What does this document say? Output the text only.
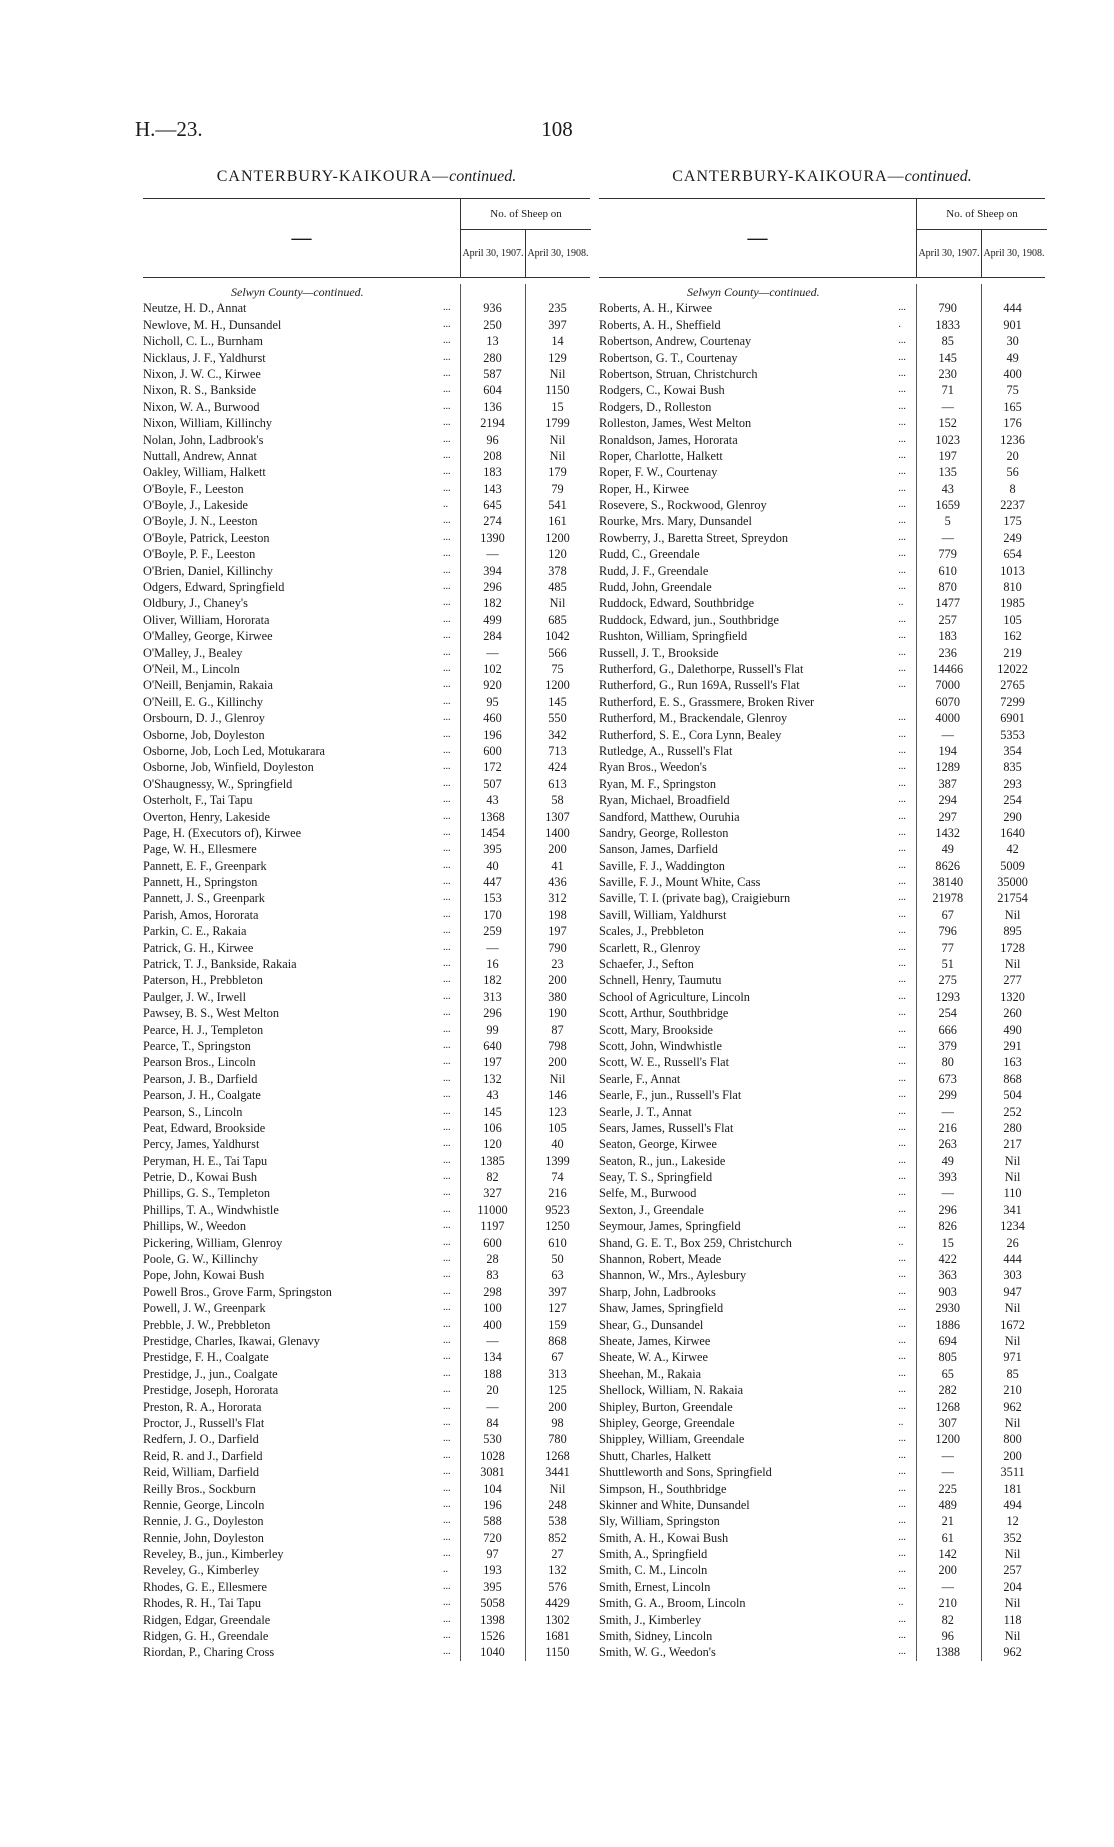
H.—23.	108
CANTERBURY-KAIKOURA—continued.
—
No. of Sheep on
April 30, 1907. April 30, 1908.
Selwyn County—continued.
Neutze, H. D., Annat	...	936	235
Newlove, M. H., Dunsandel	...	250	397
Nicholl, C. L., Burnham	...	13	14
Nicklaus, J. F., Yaldhurst	...	280	129
Nixon, J. W. C., Kirwee	...	587	Nil
Nixon, R. S., Bankside	...	604	1150
Nixon, W. A., Burwood	...	136	15
Nixon, William, Killinchy	...	2194	1799
Nolan, John, Ladbrook's	...	96	Nil
Nuttall, Andrew, Annat	...	208	Nil
Oakley, William, Halkett	...	183	179
O'Boyle, F., Leeston	...	143	79
O'Boyle, J., Lakeside	..	645	541
O'Boyle, J. N., Leeston	...	274	161
O'Boyle, Patrick, Leeston	...	1390	1200
O'Boyle, P. F., Leeston	...	—	120
O'Brien, Daniel, Killinchy	...	394	378
Odgers, Edward, Springfield	...	296	485
Oldbury, J., Chaney's	...	182	Nil
Oliver, William, Hororata	...	499	685
O'Malley, George, Kirwee	...	284	1042
O'Malley, J., Bealey	...	—	566
O'Neil, M., Lincoln	...	102	75
O'Neill, Benjamin, Rakaia	...	920	1200
O'Neill, E. G., Killinchy	...	95	145
Orsbourn, D. J., Glenroy	...	460	550
Osborne, Job, Doyleston	...	196	342
Osborne, Job, Loch Led, Motukarara	...	600	713
Osborne, Job, Winfield, Doyleston	...	172	424
O'Shaugnessy, W., Springfield	...	507	613
Osterholt, F., Tai Tapu	...	43	58
Overton, Henry, Lakeside	...	1368	1307
Page, H. (Executors of), Kirwee	...	1454	1400
Page, W. H., Ellesmere	...	395	200
Pannett, E. F., Greenpark	...	40	41
Pannett, H., Springston	...	447	436
Pannett, J. S., Greenpark	...	153	312
Parish, Amos, Hororata	...	170	198
Parkin, C. E., Rakaia	...	259	197
Patrick, G. H., Kirwee	...	—	790
Patrick, T. J., Bankside, Rakaia	...	16	23
Paterson, H., Prebbleton	...	182	200
Paulger, J. W., Irwell	...	313	380
Pawsey, B. S., West Melton	...	296	190
Pearce, H. J., Templeton	...	99	87
Pearce, T., Springston	...	640	798
Pearson Bros., Lincoln	...	197	200
Pearson, J. B., Darfield	...	132	Nil
Pearson, J. H., Coalgate	...	43	146
Pearson, S., Lincoln	...	145	123
Peat, Edward, Brookside	...	106	105
Percy, James, Yaldhurst	...	120	40
Peryman, H. E., Tai Tapu	...	1385	1399
Petrie, D., Kowai Bush	...	82	74
Phillips, G. S., Templeton	...	327	216
Phillips, T. A., Windwhistle	...	11000	9523
Phillips, W., Weedon	...	1197	1250
Pickering, William, Glenroy	...	600	610
Poole, G. W., Killinchy	...	28	50
Pope, John, Kowai Bush	...	83	63
Powell Bros., Grove Farm, Springston	...	298	397
Powell, J. W., Greenpark	...	100	127
Prebble, J. W., Prebbleton	...	400	159
Prestidge, Charles, Ikawai, Glenavy	...	—	868
Prestidge, F. H., Coalgate	...	134	67
Prestidge, J., jun., Coalgate	...	188	313
Prestidge, Joseph, Hororata	...	20	125
Preston, R. A., Hororata	...	—	200
Proctor, J., Russell's Flat	...	84	98
Redfern, J. O., Darfield	...	530	780
Reid, R. and J., Darfield	...	1028	1268
Reid, William, Darfield	...	3081	3441
Reilly Bros., Sockburn	...	104	Nil
Rennie, George, Lincoln	...	196	248
Rennie, J. G., Doyleston	...	588	538
Rennie, John, Doyleston	...	720	852
Reveley, B., jun., Kimberley	...	97	27
Reveley, G., Kimberley	..	193	132
Rhodes, G. E., Ellesmere	...	395	576
Rhodes, R. H., Tai Tapu	...	5058	4429
Ridgen, Edgar, Greendale	...	1398	1302
Ridgen, G. H., Greendale	...	1526	1681
Riordan, P., Charing Cross	...	1040	1150
CANTERBURY-KAIKOURA—continued.
—
No. of Sheep on
April 30, 1907. April 30, 1908.
Selwyn County—continued.
Roberts, A. H., Kirwee	...	790	444
Roberts, A. H., Sheffield	.	1833	901
Robertson, Andrew, Courtenay	...	85	30
Robertson, G. T., Courtenay	...	145	49
Robertson, Struan, Christchurch	...	230	400
Rodgers, C., Kowai Bush	...	71	75
Rodgers, D., Rolleston	...	—	165
Rolleston, James, West Melton	...	152	176
Ronaldson, James, Hororata	...	1023	1236
Roper, Charlotte, Halkett	...	197	20
Roper, F. W., Courtenay	...	135	56
Roper, H., Kirwee	...	43	8
Rosevere, S., Rockwood, Glenroy	...	1659	2237
Rourke, Mrs. Mary, Dunsandel	...	5	175
Rowberry, J., Baretta Street, Spreydon	...	—	249
Rudd, C., Greendale	...	779	654
Rudd, J. F., Greendale	...	610	1013
Rudd, John, Greendale	...	870	810
Ruddock, Edward, Southbridge	..	1477	1985
Ruddock, Edward, jun., Southbridge	...	257	105
Rushton, William, Springfield	...	183	162
Russell, J. T., Brookside	...	236	219
Rutherford, G., Dalethorpe, Russell's Flat	...	14466	12022
Rutherford, G., Run 169A, Russell's Flat	...	7000	2765
Rutherford, E. S., Grassmere, Broken River	6070	7299
Rutherford, M., Brackendale, Glenroy	...	4000	6901
Rutherford, S. E., Cora Lynn, Bealey	...	—	5353
Rutledge, A., Russell's Flat	...	194	354
Ryan Bros., Weedon's	...	1289	835
Ryan, M. F., Springston	...	387	293
Ryan, Michael, Broadfield	...	294	254
Sandford, Matthew, Ouruhia	...	297	290
Sandry, George, Rolleston	...	1432	1640
Sanson, James, Darfield	...	49	42
Saville, F. J., Waddington	...	8626	5009
Saville, F. J., Mount White, Cass	...	38140	35000
Saville, T. I. (private bag), Craigieburn	...	21978	21754
Savill, William, Yaldhurst	...	67	Nil
Scales, J., Prebbleton	...	796	895
Scarlett, R., Glenroy	...	77	1728
Schaefer, J., Sefton	...	51	Nil
Schnell, Henry, Taumutu	...	275	277
School of Agriculture, Lincoln	...	1293	1320
Scott, Arthur, Southbridge	...	254	260
Scott, Mary, Brookside	...	666	490
Scott, John, Windwhistle	...	379	291
Scott, W. E., Russell's Flat	...	80	163
Searle, F., Annat	...	673	868
Searle, F., jun., Russell's Flat	...	299	504
Searle, J. T., Annat	...	—	252
Sears, James, Russell's Flat	...	216	280
Seaton, George, Kirwee	...	263	217
Seaton, R., jun., Lakeside	...	49	Nil
Seay, T. S., Springfield	...	393	Nil
Selfe, M., Burwood	...	—	110
Sexton, J., Greendale	...	296	341
Seymour, James, Springfield	...	826	1234
Shand, G. E. T., Box 259, Christchurch	..	15	26
Shannon, Robert, Meade	...	422	444
Shannon, W., Mrs., Aylesbury	...	363	303
Sharp, John, Ladbrooks	...	903	947
Shaw, James, Springfield	...	2930	Nil
Shear, G., Dunsandel	...	1886	1672
Sheate, James, Kirwee	...	694	Nil
Sheate, W. A., Kirwee	...	805	971
Sheehan, M., Rakaia	...	65	85
Shellock, William, N. Rakaia	...	282	210
Shipley, Burton, Greendale	...	1268	962
Shipley, George, Greendale	..	307	Nil
Shippley, William, Greendale	...	1200	800
Shutt, Charles, Halkett	...	—	200
Shuttleworth and Sons, Springfield	...	—	3511
Simpson, H., Southbridge	...	225	181
Skinner and White, Dunsandel	...	489	494
Sly, William, Springston	...	21	12
Smith, A. H., Kowai Bush	...	61	352
Smith, A., Springfield	...	142	Nil
Smith, C. M., Lincoln	...	200	257
Smith, Ernest, Lincoln	...	—	204
Smith, G. A., Broom, Lincoln	..	210	Nil
Smith, J., Kimberley	...	82	118
Smith, Sidney, Lincoln	...	96	Nil
Smith, W. G., Weedon's	...	1388	962
